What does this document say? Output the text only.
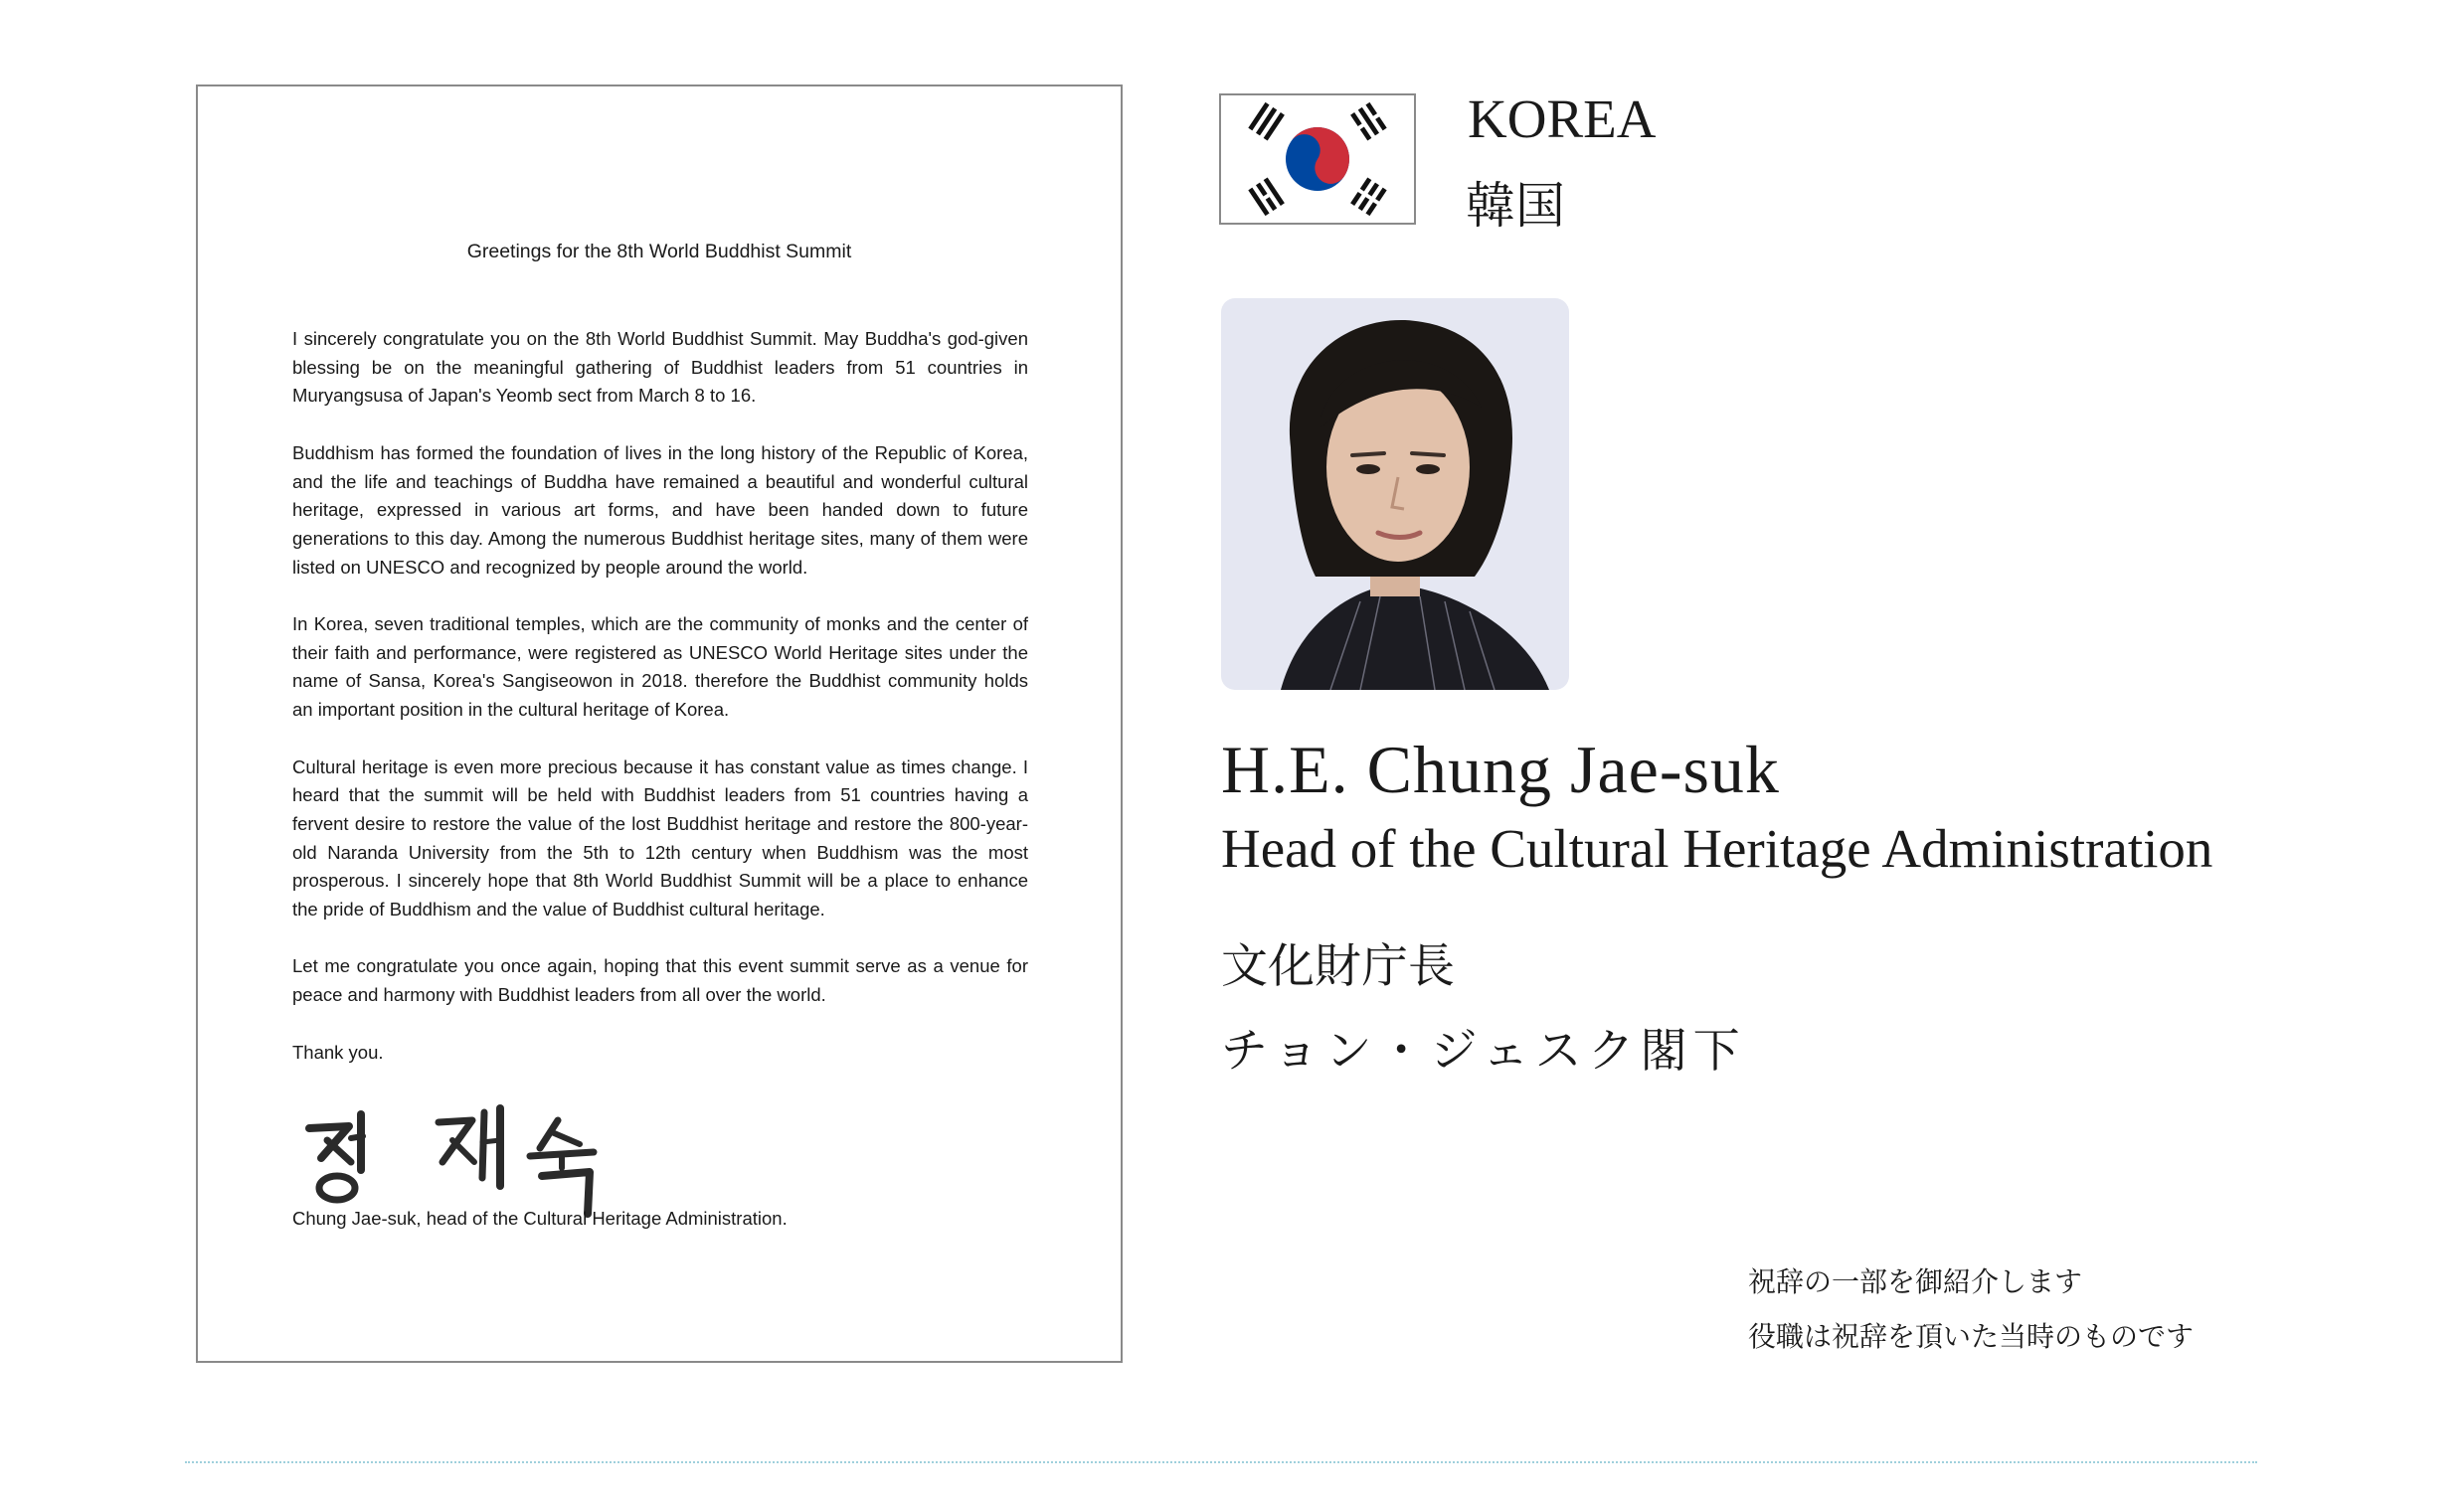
Greetings for the 8th World Buddhist Summit

I sincerely congratulate you on the 8th World Buddhist Summit. May Buddha's god-given blessing be on the meaningful gathering of Buddhist leaders from 51 countries in Muryangsusa of Japan's Yeomb sect from March 8 to 16.

Buddhism has formed the foundation of lives in the long history of the Republic of Korea, and the life and teachings of Buddha have remained a beautiful and wonderful cultural heritage, expressed in various art forms, and have been handed down to future generations to this day. Among the numerous Buddhist heritage sites, many of them were listed on UNESCO and recognized by people around the world.

In Korea, seven traditional temples, which are the community of monks and the center of their faith and performance, were registered as UNESCO World Heritage sites under the name of Sansa, Korea's Sangiseowon in 2018. therefore the Buddhist community holds an important position in the cultural heritage of Korea.

Cultural heritage is even more precious because it has constant value as times change. I heard that the summit will be held with Buddhist leaders from 51 countries having a fervent desire to restore the value of the lost Buddhist heritage and restore the 800-year-old Naranda University from the 5th to 12th century when Buddhism was the most prosperous. I sincerely hope that 8th World Buddhist Summit will be a place to enhance the pride of Buddhism and the value of Buddhist cultural heritage.

Let me congratulate you once again, hoping that this event summit serve as a venue for peace and harmony with Buddhist leaders from all over the world.

Thank you.

Chung Jae-suk, head of the Cultural Heritage Administration.
KOREA
韓国
H.E. Chung Jae-suk
Head of the Cultural Heritage Administration
文化財庁長
チョン・ジェスク閣下
祝辞の一部を御紹介します
役職は祝辞を頂いた当時のものです
